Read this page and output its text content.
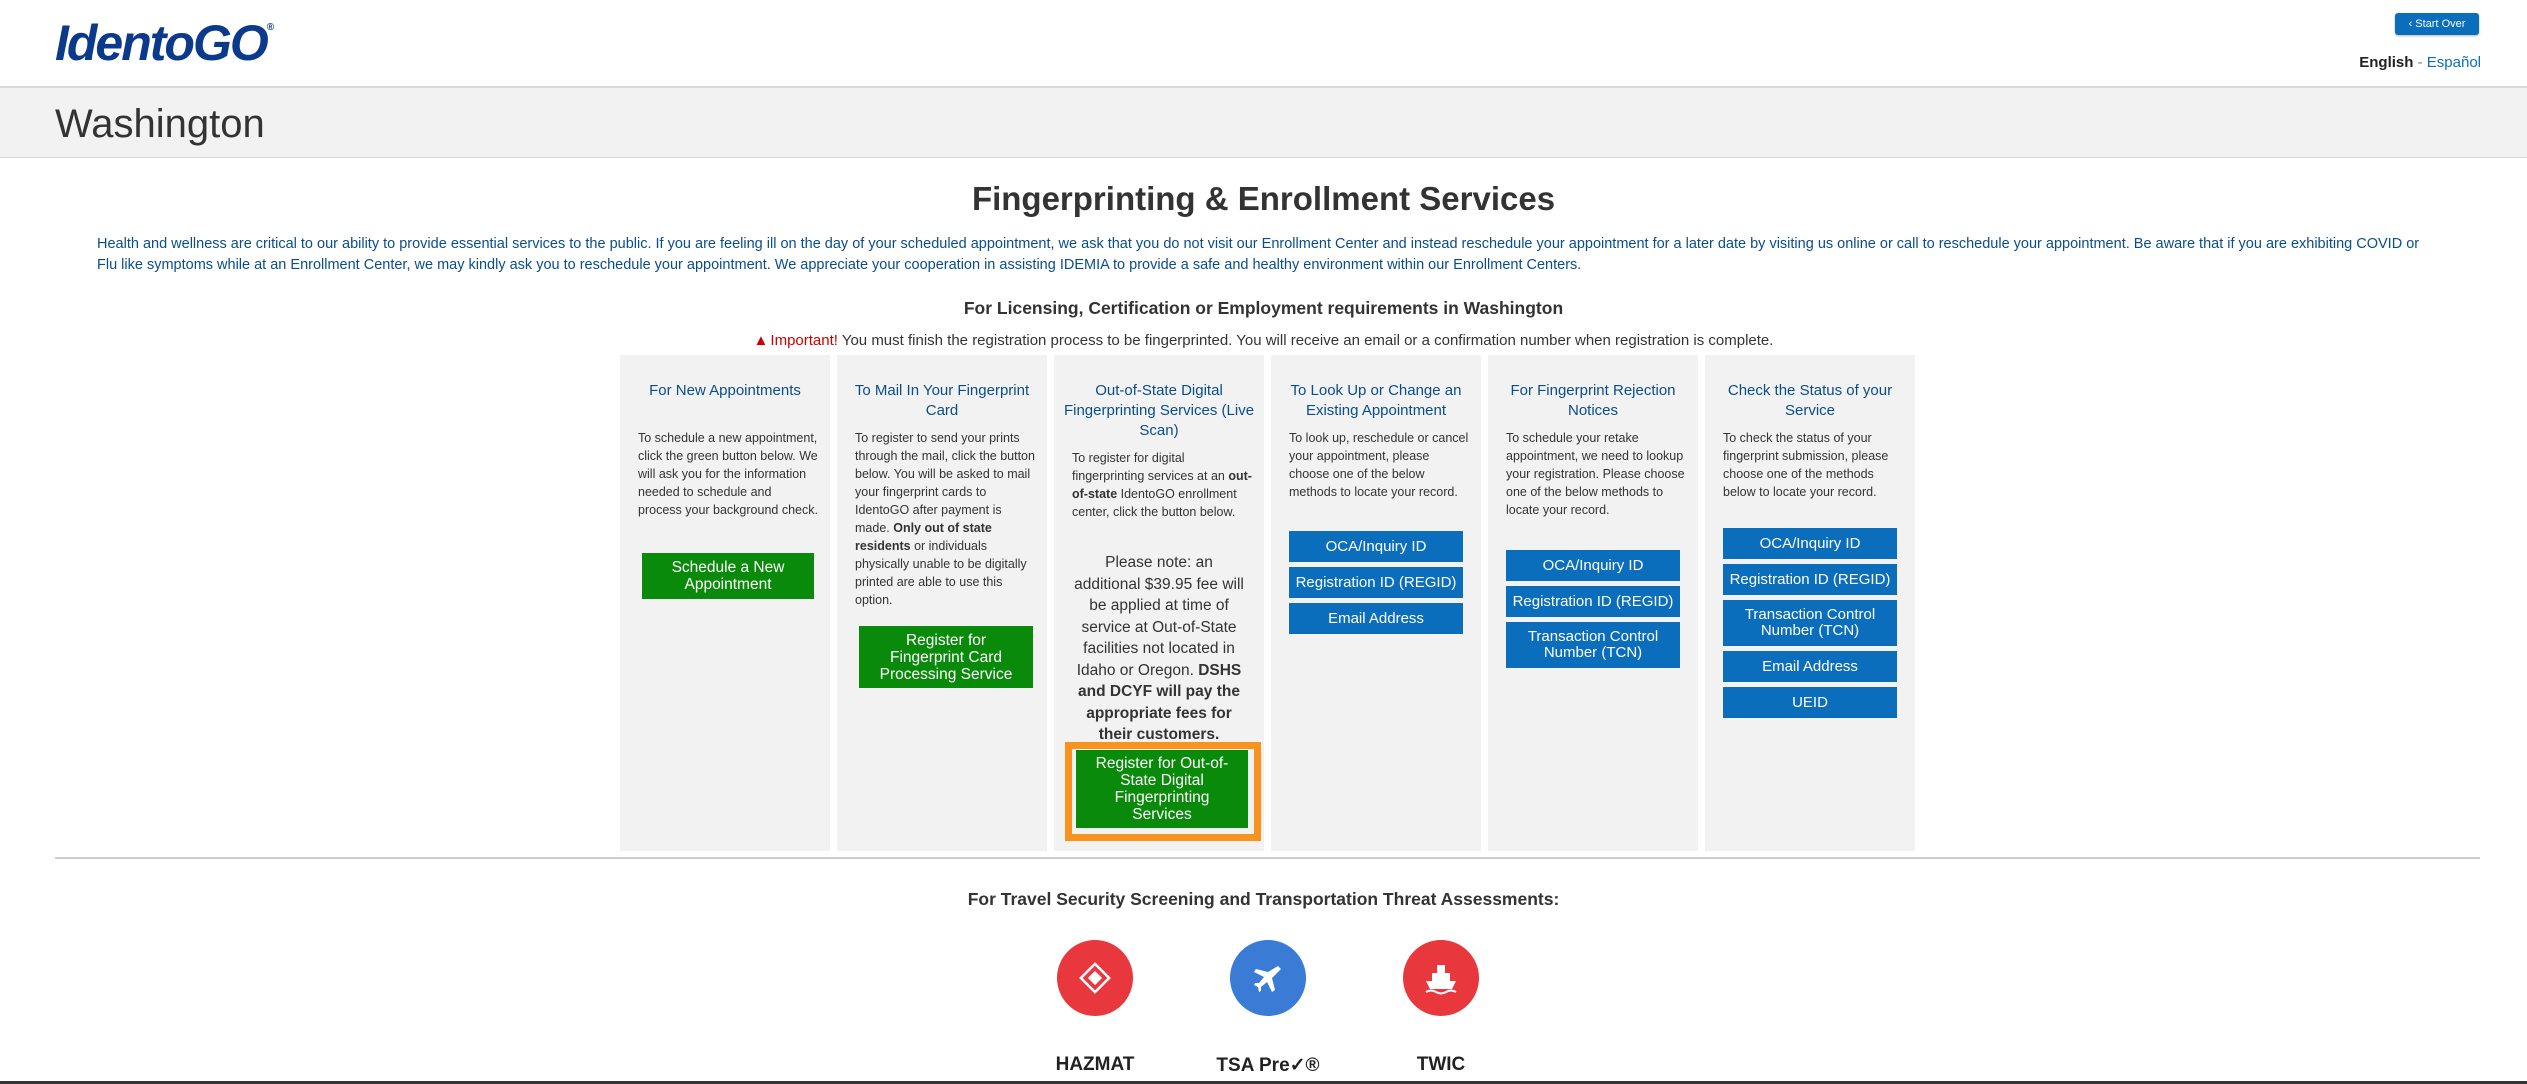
IdentoGO®	‹ Start Over
English - Español
Washington
Fingerprinting & Enrollment Services
Health and wellness are critical to our ability to provide essential services to the public. If you are feeling ill on the day of your scheduled appointment, we ask that you do not visit our Enrollment Center and instead reschedule your appointment for a later date by visiting us online or call to reschedule your appointment. Be aware that if you are exhibiting COVID or Flu like symptoms while at an Enrollment Center, we may kindly ask you to reschedule your appointment. We appreciate your cooperation in assisting IDEMIA to provide a safe and healthy environment within our Enrollment Centers.
For Licensing, Certification or Employment requirements in Washington
▲ Important! You must finish the registration process to be fingerprinted. You will receive an email or a confirmation number when registration is complete.
For New Appointments
To schedule a new appointment, click the green button below. We will ask you for the information needed to schedule and process your background check.
Schedule a New Appointment
To Mail In Your Fingerprint Card
To register to send your prints through the mail, click the button below. You will be asked to mail your fingerprint cards to IdentoGO after payment is made. Only out of state residents or individuals physically unable to be digitally printed are able to use this option.
Register for Fingerprint Card Processing Service
Out-of-State Digital Fingerprinting Services (Live Scan)
To register for digital fingerprinting services at an out-of-state IdentoGO enrollment center, click the button below.
Please note: an additional $39.95 fee will be applied at time of service at Out-of-State facilities not located in Idaho or Oregon. DSHS and DCYF will pay the appropriate fees for their customers.
Register for Out-of-State Digital Fingerprinting Services
To Look Up or Change an Existing Appointment
To look up, reschedule or cancel your appointment, please choose one of the below methods to locate your record.
OCA/Inquiry ID
Registration ID (REGID)
Email Address
For Fingerprint Rejection Notices
To schedule your retake appointment, we need to lookup your registration. Please choose one of the below methods to locate your record.
OCA/Inquiry ID
Registration ID (REGID)
Transaction Control Number (TCN)
Check the Status of your Service
To check the status of your fingerprint submission, please choose one of the methods below to locate your record.
OCA/Inquiry ID
Registration ID (REGID)
Transaction Control Number (TCN)
Email Address
UEID
For Travel Security Screening and Transportation Threat Assessments:
HAZMAT	TSA Pre✓®	TWIC
